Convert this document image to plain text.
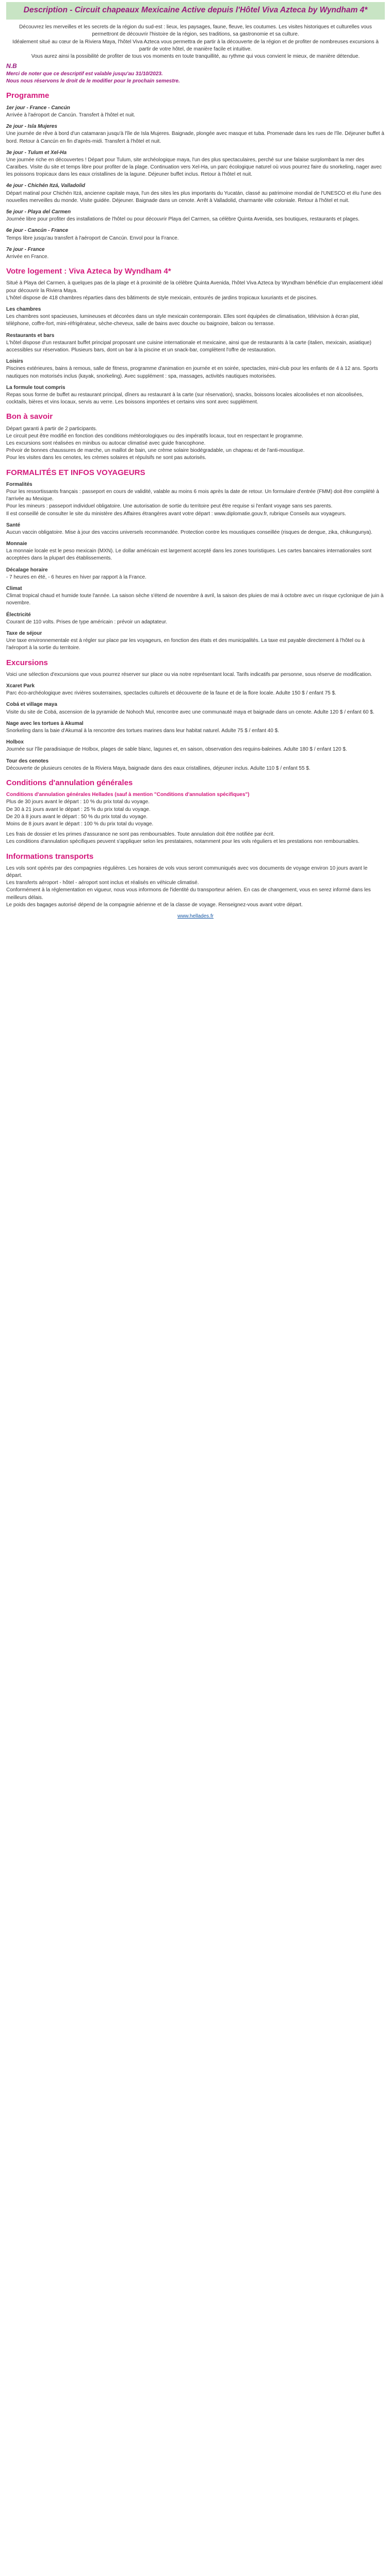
Description - Circuit chapeaux Mexicaine Active depuis l'Hôtel Viva Azteca by Wyndham 4*

Découvrez les merveilles et les secrets de la région du sud-est : lieux, les paysages, faune, fleuve, les coutumes. Les visites historiques et culturelles vous permettront de découvrir l'histoire de la région, ses traditions, sa gastronomie et sa culture.

Idéalement situé au cœur de la Riviera Maya, l'hôtel Viva Azteca vous permettra de partir à la découverte de la région et de profiter de nombreuses excursions à partir de votre hôtel, de manière facile et intuitive.

Vous aurez ainsi la possibilité de profiter de tous vos moments en toute tranquillité, au rythme qui vous convient le mieux, de manière détendue.

N.B
Merci de noter que ce descriptif est valable jusqu'au 31/10/2023.
Nous nous réservons le droit de le modifier pour le prochain semestre.
Programme
1er jour - France - Cancún

Arrivée à l'aéroport de Cancún. Transfert à l'hôtel et nuit.

2e jour - Isla Mujeres

Une journée de rêve à bord d'un catamaran jusqu'à l'île de Isla Mujeres. Baignade, plongée avec masque et tuba. Promenade dans les rues de l'île. Déjeuner buffet à bord. Retour à Cancún en fin d'après-midi. Transfert à l'hôtel et nuit.

3e jour - Tulum et Xel-Ha

Une journée riche en découvertes ! Départ pour Tulum, site archéologique maya, l'un des plus spectaculaires, perché sur une falaise surplombant la mer des Caraïbes. Visite du site et temps libre pour profiter de la plage. Continuation vers Xel-Ha, un parc écologique naturel où vous pourrez faire du snorkeling, nager avec les poissons tropicaux dans les eaux cristallines de la lagune. Déjeuner buffet inclus. Retour à l'hôtel et nuit.

4e jour - Chichén Itzá, Valladolid

Départ matinal pour Chichén Itzá, ancienne capitale maya, l'un des sites les plus importants du Yucatán, classé au patrimoine mondial de l'UNESCO et élu l'une des nouvelles merveilles du monde. Visite guidée. Déjeuner. Baignade dans un cenote. Arrêt à Valladolid, charmante ville coloniale. Retour à l'hôtel et nuit.

5e jour - Playa del Carmen

Journée libre pour profiter des installations de l'hôtel ou pour découvrir Playa del Carmen, sa célèbre Quinta Avenida, ses boutiques, restaurants et plages.

6e jour - Cancún - France

Temps libre jusqu'au transfert à l'aéroport de Cancún. Envol pour la France.

7e jour - France

Arrivée en France.

Votre logement : Viva Azteca by Wyndham 4*

Situé à Playa del Carmen, à quelques pas de la plage et à proximité de la célèbre Quinta Avenida, l'hôtel Viva Azteca by Wyndham bénéficie d'un emplacement idéal pour découvrir la Riviera Maya.

L'hôtel dispose de 418 chambres réparties dans des bâtiments de style mexicain, entourés de jardins tropicaux luxuriants et de piscines.

Les chambres

Les chambres sont spacieuses, lumineuses et décorées dans un style mexicain contemporain. Elles sont équipées de climatisation, télévision à écran plat, téléphone, coffre-fort, mini-réfrigérateur, sèche-cheveux, salle de bains avec douche ou baignoire, balcon ou terrasse.

Restaurants et bars

L'hôtel dispose d'un restaurant buffet principal proposant une cuisine internationale et mexicaine, ainsi que de restaurants à la carte (italien, mexicain, asiatique) accessibles sur réservation. Plusieurs bars, dont un bar à la piscine et un snack-bar, complètent l'offre de restauration.

Loisirs

Piscines extérieures, bains à remous, salle de fitness, programme d'animation en journée et en soirée, spectacles, mini-club pour les enfants de 4 à 12 ans. Sports nautiques non motorisés inclus (kayak, snorkeling). Avec supplément : spa, massages, activités nautiques motorisées.

La formule tout compris

Repas sous forme de buffet au restaurant principal, dîners au restaurant à la carte (sur réservation), snacks, boissons locales alcoolisées et non alcoolisées, cocktails, bières et vins locaux, servis au verre. Les boissons importées et certains vins sont avec supplément.

Bon à savoir
Départ garanti à partir de 2 participants.
Le circuit peut être modifié en fonction des conditions météorologiques ou des impératifs locaux, tout en respectant le programme.
Les excursions sont réalisées en minibus ou autocar climatisé avec guide francophone.
Prévoir de bonnes chaussures de marche, un maillot de bain, une crème solaire biodégradable, un chapeau et de l'anti-moustique.
Pour les visites dans les cenotes, les crèmes solaires et répulsifs ne sont pas autorisés.
FORMALITÉS ET INFOS VOYAGEURS

Formalités

Pour les ressortissants français : passeport en cours de validité, valable au moins 6 mois après la date de retour. Un formulaire d'entrée (FMM) doit être complété à l'arrivée au Mexique.

Pour les mineurs : passeport individuel obligatoire. Une autorisation de sortie du territoire peut être requise si l'enfant voyage sans ses parents.

Il est conseillé de consulter le site du ministère des Affaires étrangères avant votre départ : www.diplomatie.gouv.fr, rubrique Conseils aux voyageurs.

Santé

Aucun vaccin obligatoire. Mise à jour des vaccins universels recommandée. Protection contre les moustiques conseillée (risques de dengue, zika, chikungunya).

Monnaie

La monnaie locale est le peso mexicain (MXN). Le dollar américain est largement accepté dans les zones touristiques. Les cartes bancaires internationales sont acceptées dans la plupart des établissements.

Décalage horaire

- 7 heures en été, - 6 heures en hiver par rapport à la France.

Climat

Climat tropical chaud et humide toute l'année. La saison sèche s'étend de novembre à avril, la saison des pluies de mai à octobre avec un risque cyclonique de juin à novembre.

Électricité

Courant de 110 volts. Prises de type américain : prévoir un adaptateur.

Taxe de séjour

Une taxe environnementale est à régler sur place par les voyageurs, en fonction des états et des municipalités. La taxe est payable directement à l'hôtel ou à l'aéroport à la sortie du territoire.

Excursions

Voici une sélection d'excursions que vous pourrez réserver sur place ou via notre représentant local. Tarifs indicatifs par personne, sous réserve de modification.

Xcaret Park

Parc éco-archéologique avec rivières souterraines, spectacles culturels et découverte de la faune et de la flore locale. Adulte 150 $ / enfant 75 $.

Cobá et village maya

Visite du site de Cobá, ascension de la pyramide de Nohoch Mul, rencontre avec une communauté maya et baignade dans un cenote. Adulte 120 $ / enfant 60 $.

Nage avec les tortues à Akumal

Snorkeling dans la baie d'Akumal à la rencontre des tortues marines dans leur habitat naturel. Adulte 75 $ / enfant 40 $.

Holbox

Journée sur l'île paradisiaque de Holbox, plages de sable blanc, lagunes et, en saison, observation des requins-baleines. Adulte 180 $ / enfant 120 $.

Tour des cenotes

Découverte de plusieurs cenotes de la Riviera Maya, baignade dans des eaux cristallines, déjeuner inclus. Adulte 110 $ / enfant 55 $.

Conditions d'annulation générales

Conditions d'annulation générales Hellades (sauf à mention "Conditions d'annulation spécifiques")

Plus de 30 jours avant le départ : 10 % du prix total du voyage.
De 30 à 21 jours avant le départ : 25 % du prix total du voyage.
De 20 à 8 jours avant le départ : 50 % du prix total du voyage.
Moins de 8 jours avant le départ : 100 % du prix total du voyage.

Les frais de dossier et les primes d'assurance ne sont pas remboursables. Toute annulation doit être notifiée par écrit.

Les conditions d'annulation spécifiques peuvent s'appliquer selon les prestataires, notamment pour les vols réguliers et les prestations non remboursables.

Informations transports

Les vols sont opérés par des compagnies régulières. Les horaires de vols vous seront communiqués avec vos documents de voyage environ 10 jours avant le départ.

Les transferts aéroport - hôtel - aéroport sont inclus et réalisés en véhicule climatisé.

Conformément à la réglementation en vigueur, nous vous informons de l'identité du transporteur aérien. En cas de changement, vous en serez informé dans les meilleurs délais.

Le poids des bagages autorisé dépend de la compagnie aérienne et de la classe de voyage. Renseignez-vous avant votre départ.

www.hellades.fr
